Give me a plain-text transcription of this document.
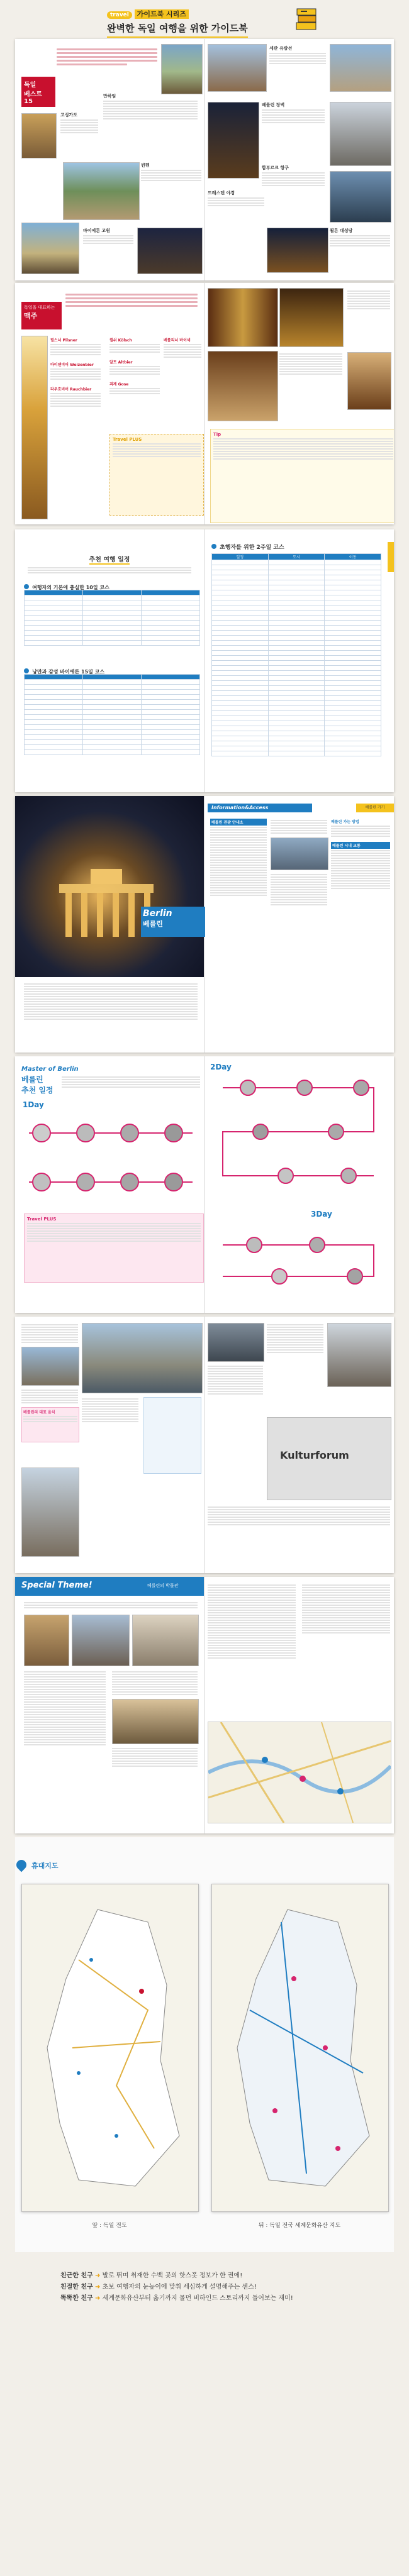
travel 가이드북 시리즈
완벽한 독일 여행을 위한 가이드북
독일
베스트 15
고성가도
만하임
뮌헨
바이에른 고원
세관 유람선
베를린 장벽
함부르크 항구
드레스덴 야경
쾰른 대성당
독일을 대표하는
맥주
필스너 Pilsner
바이첸비어 Weizenbier
라우흐비어 Rauchbier
쾰쉬 Kölsch
알트 Altbier
괴제 Gose
베를리너 바이세
Travel PLUS
Tip
추천 여행 일정
여행자의 기본에 충실한 10일 코스

낭만과 감성 바이에른 15일 코스

초행자를 위한 2주일 코스
일정	도시	이동

Berlin
베를린
Information&Access	베를린 가기
베를린 관광 안내소	베를린 가는 방법
베를린 시내 교통
Master of Berlin
베를린
추천 일정
1Day
Travel PLUS
2Day
3Day
베를린의 대표 음식
Kulturforum
Special Theme!	베를린의 박물관
휴대지도
앞 : 독일 전도	뒤 : 독일 전국 세계문화유산 지도
친근한 친구 ➜ 발로 뛰며 취재한 수백 곳의 핫스폿 정보가 한 권에!
친절한 친구 ➜ 초보 여행자의 눈높이에 맞춰 세심하게 설명해주는 센스!
똑똑한 친구 ➜ 세계문화유산부터 옳기까지 물던 비하인드 스토리까지 들어보는 재미!
